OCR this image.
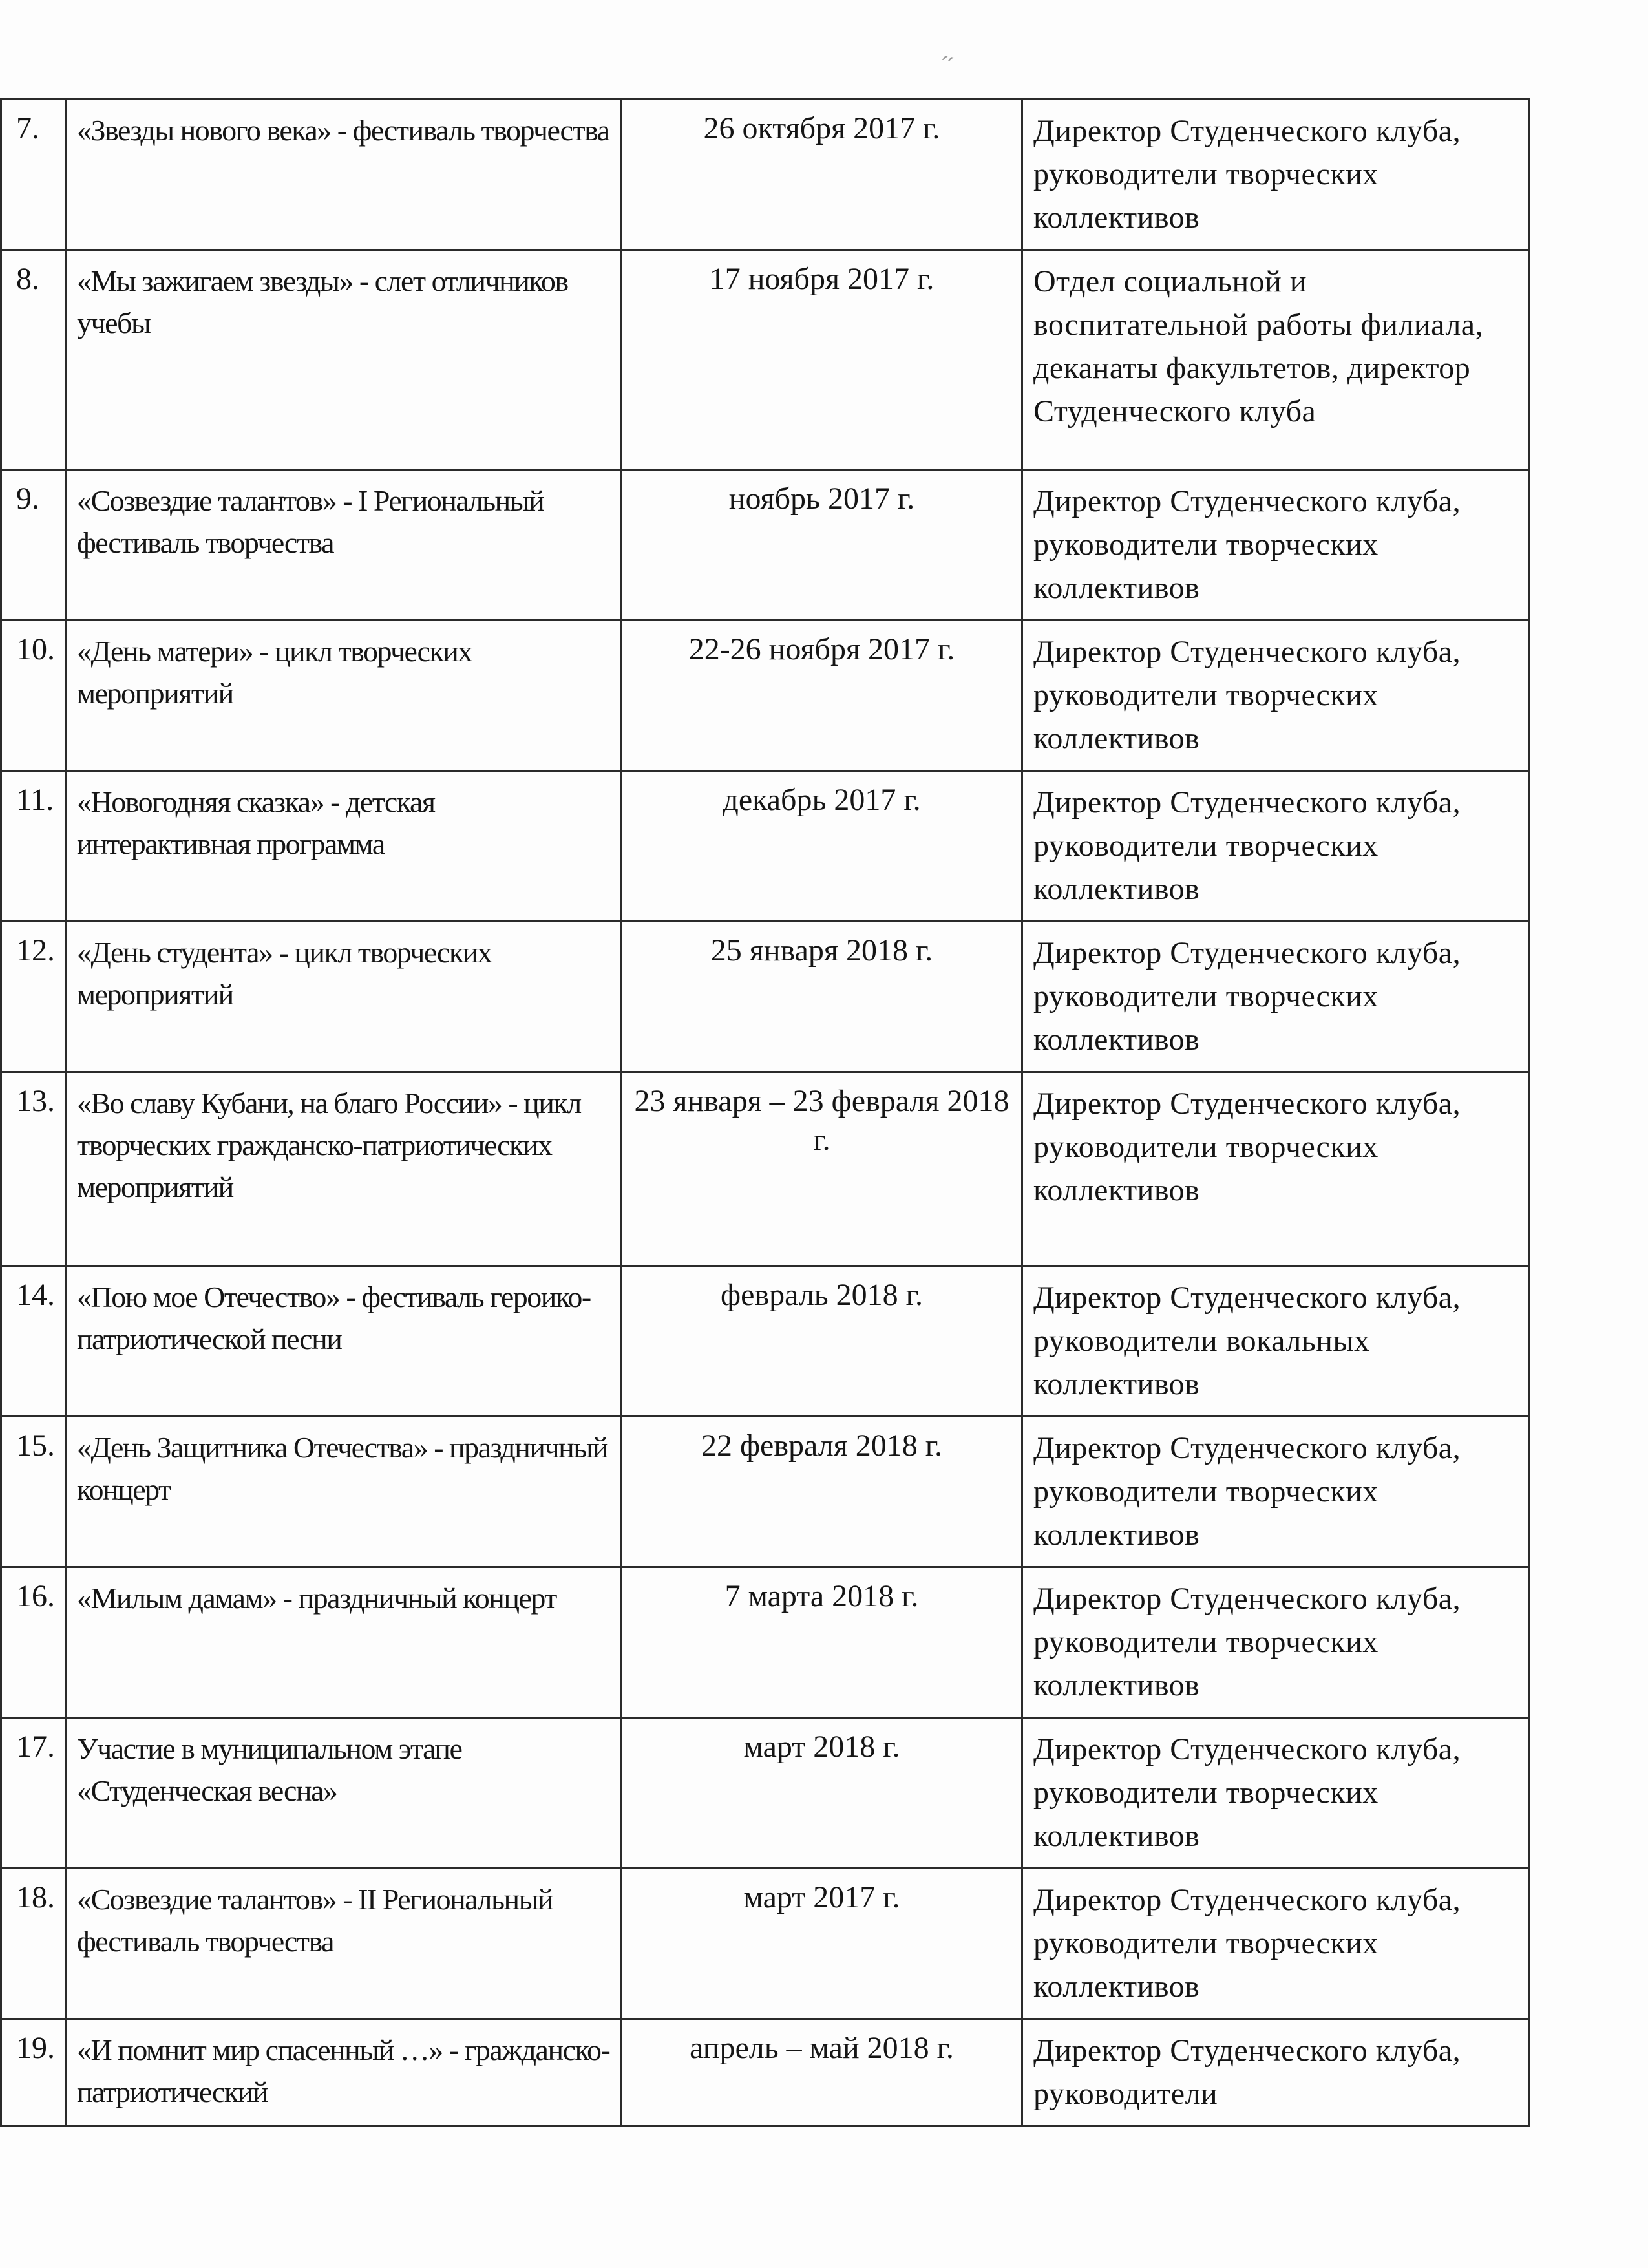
′′
7.	«Звезды нового века» - фестиваль творчества	26 октября 2017 г.	Директор Студенческого клуба, руководители творческих коллективов
8.	«Мы зажигаем звезды» - слет отличников учебы	17 ноября 2017 г.	Отдел социальной и воспитательной работы филиала, деканаты факультетов, директор Студенческого клуба
9.	«Созвездие талантов» - I Региональный фестиваль творчества	ноябрь 2017 г.	Директор Студенческого клуба, руководители творческих коллективов
10.	«День матери» - цикл творческих мероприятий	22-26 ноября 2017 г.	Директор Студенческого клуба, руководители творческих коллективов
11.	«Новогодняя сказка» - детская интерактивная программа	декабрь 2017 г.	Директор Студенческого клуба, руководители творческих коллективов
12.	«День студента» - цикл творческих мероприятий	25 января 2018 г.	Директор Студенческого клуба, руководители творческих коллективов
13.	«Во славу Кубани, на благо России» - цикл творческих гражданско-патриотических мероприятий	23 января – 23 февраля 2018 г.	Директор Студенческого клуба, руководители творческих коллективов
14.	«Пою мое Отечество» - фестиваль героико-патриотической песни	февраль 2018 г.	Директор Студенческого клуба, руководители вокальных коллективов
15.	«День Защитника Отечества» - праздничный концерт	22 февраля 2018 г.	Директор Студенческого клуба, руководители творческих коллективов
16.	«Милым дамам» - праздничный концерт	7 марта 2018 г.	Директор Студенческого клуба, руководители творческих коллективов
17.	Участие в муниципальном этапе «Студенческая весна»	март 2018 г.	Директор Студенческого клуба, руководители творческих коллективов
18.	«Созвездие талантов» - II Региональный фестиваль творчества	март 2017 г.	Директор Студенческого клуба, руководители творческих коллективов
19.	«И помнит мир спасенный …» - гражданско-патриотический	апрель – май 2018 г.	Директор Студенческого клуба, руководители
